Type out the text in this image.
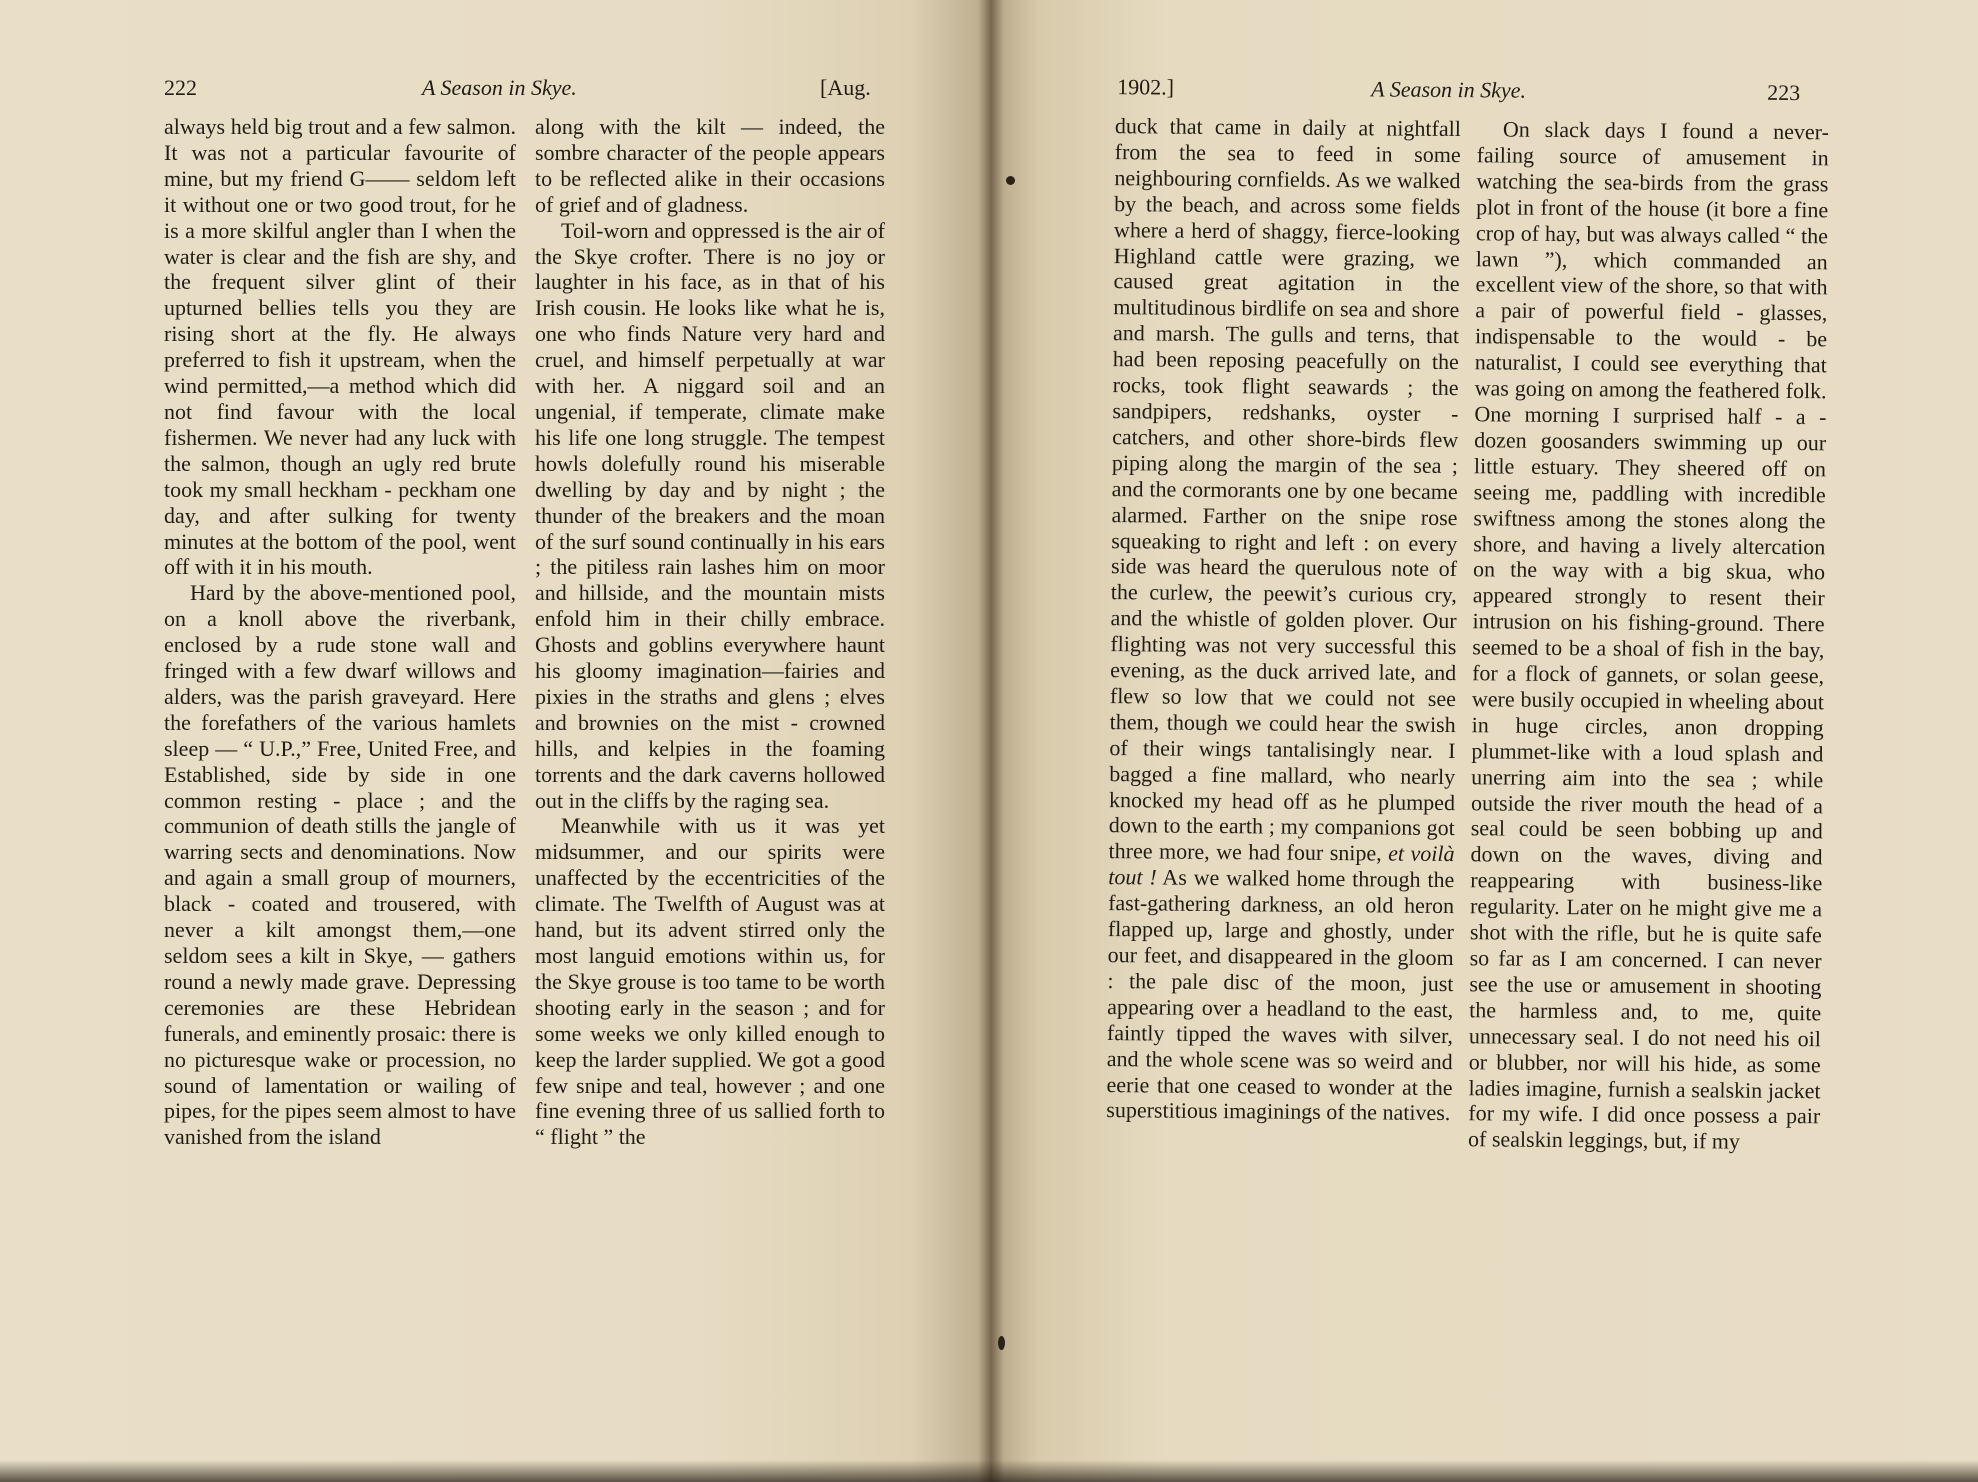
222	A Season in Skye.	[Aug.

always held big trout and a few salmon. It was not a particular favourite of mine, but my friend G—— seldom left it without one or two good trout, for he is a more skilful angler than I when the water is clear and the fish are shy, and the frequent silver glint of their upturned bellies tells you they are rising short at the fly. He always preferred to fish it upstream, when the wind permitted,—a method which did not find favour with the local fishermen. We never had any luck with the salmon, though an ugly red brute took my small heckham - peckham one day, and after sulking for twenty minutes at the bottom of the pool, went off with it in his mouth.

Hard by the above-mentioned pool, on a knoll above the riverbank, enclosed by a rude stone wall and fringed with a few dwarf willows and alders, was the parish graveyard. Here the forefathers of the various hamlets sleep — “ U.P.,” Free, United Free, and Established, side by side in one common resting - place ; and the communion of death stills the jangle of warring sects and denominations. Now and again a small group of mourners, black - coated and trousered, with never a kilt amongst them,—one seldom sees a kilt in Skye, — gathers round a newly made grave. Depressing ceremonies are these Hebridean funerals, and eminently prosaic: there is no picturesque wake or procession, no sound of lamentation or wailing of pipes, for the pipes seem almost to have vanished from the island

along with the kilt — indeed, the sombre character of the people appears to be reflected alike in their occasions of grief and of gladness.

Toil-worn and oppressed is the air of the Skye crofter. There is no joy or laughter in his face, as in that of his Irish cousin. He looks like what he is, one who finds Nature very hard and cruel, and himself perpetually at war with her. A niggard soil and an ungenial, if temperate, climate make his life one long struggle. The tempest howls dolefully round his miserable dwelling by day and by night ; the thunder of the breakers and the moan of the surf sound continually in his ears ; the pitiless rain lashes him on moor and hillside, and the mountain mists enfold him in their chilly embrace. Ghosts and goblins everywhere haunt his gloomy imagination—fairies and pixies in the straths and glens ; elves and brownies on the mist - crowned hills, and kelpies in the foaming torrents and the dark caverns hollowed out in the cliffs by the raging sea.

Meanwhile with us it was yet midsummer, and our spirits were unaffected by the eccentricities of the climate. The Twelfth of August was at hand, but its advent stirred only the most languid emotions within us, for the Skye grouse is too tame to be worth shooting early in the season ; and for some weeks we only killed enough to keep the larder supplied. We got a good few snipe and teal, however ; and one fine evening three of us sallied forth to “ flight ” the

1902.]	A Season in Skye.	223

duck that came in daily at nightfall from the sea to feed in some neighbouring cornfields. As we walked by the beach, and across some fields where a herd of shaggy, fierce-looking Highland cattle were grazing, we caused great agitation in the multitudinous birdlife on sea and shore and marsh. The gulls and terns, that had been reposing peacefully on the rocks, took flight seawards ; the sandpipers, redshanks, oyster - catchers, and other shore-birds flew piping along the margin of the sea ; and the cormorants one by one became alarmed. Farther on the snipe rose squeaking to right and left : on every side was heard the querulous note of the curlew, the peewit’s curious cry, and the whistle of golden plover. Our flighting was not very successful this evening, as the duck arrived late, and flew so low that we could not see them, though we could hear the swish of their wings tantalisingly near. I bagged a fine mallard, who nearly knocked my head off as he plumped down to the earth ; my companions got three more, we had four snipe, et voilà tout ! As we walked home through the fast-gathering darkness, an old heron flapped up, large and ghostly, under our feet, and disappeared in the gloom : the pale disc of the moon, just appearing over a headland to the east, faintly tipped the waves with silver, and the whole scene was so weird and eerie that one ceased to wonder at the superstitious imaginings of the natives.

On slack days I found a never-failing source of amusement in watching the sea-birds from the grass plot in front of the house (it bore a fine crop of hay, but was always called “ the lawn ”), which commanded an excellent view of the shore, so that with a pair of powerful field - glasses, indispensable to the would - be naturalist, I could see everything that was going on among the feathered folk. One morning I surprised half - a - dozen goosanders swimming up our little estuary. They sheered off on seeing me, paddling with incredible swiftness among the stones along the shore, and having a lively altercation on the way with a big skua, who appeared strongly to resent their intrusion on his fishing-ground. There seemed to be a shoal of fish in the bay, for a flock of gannets, or solan geese, were busily occupied in wheeling about in huge circles, anon dropping plummet-like with a loud splash and unerring aim into the sea ; while outside the river mouth the head of a seal could be seen bobbing up and down on the waves, diving and reappearing with business-like regularity. Later on he might give me a shot with the rifle, but he is quite safe so far as I am concerned. I can never see the use or amusement in shooting the harmless and, to me, quite unnecessary seal. I do not need his oil or blubber, nor will his hide, as some ladies imagine, furnish a sealskin jacket for my wife. I did once possess a pair of sealskin leggings, but, if my
